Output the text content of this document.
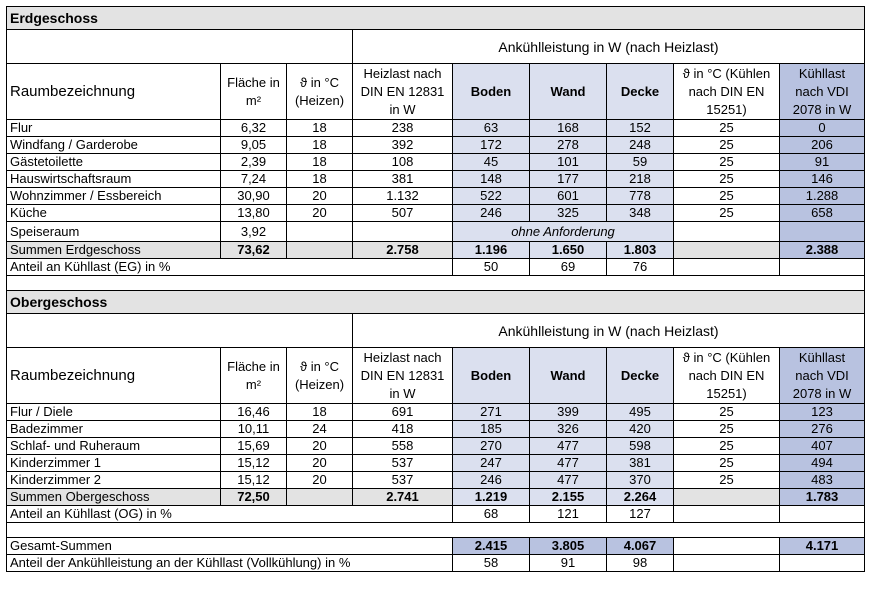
Erdgeschoss								
			Ankühlleistung in W (nach Heizlast)					
Raumbezeichnung	Fläche in m²	ϑ in °C (Heizen)	Heizlast nach DIN EN 12831 in W	Boden	Wand	Decke	ϑ in °C (Kühlen nach DIN EN 15251)	Kühllast nach VDI 2078 in W
Flur	6,32	18	238	63	168	152	25	0
Windfang / Garderobe	9,05	18	392	172	278	248	25	206
Gästetoilette	2,39	18	108	45	101	59	25	91
Hauswirtschaftsraum	7,24	18	381	148	177	218	25	146
Wohnzimmer / Essbereich	30,90	20	1.132	522	601	778	25	1.288
Küche	13,80	20	507	246	325	348	25	658
Speiseraum	3,92			ohne Anforderung				
Summen Erdgeschoss	73,62		2.758	1.196	1.650	1.803		2.388
Anteil an Kühllast (EG) in %				50	69	76		

Obergeschoss								
			Ankühlleistung in W (nach Heizlast)					
Raumbezeichnung	Fläche in m²	ϑ in °C (Heizen)	Heizlast nach DIN EN 12831 in W	Boden	Wand	Decke	ϑ in °C (Kühlen nach DIN EN 15251)	Kühllast nach VDI 2078 in W
Flur / Diele	16,46	18	691	271	399	495	25	123
Badezimmer	10,11	24	418	185	326	420	25	276
Schlaf- und Ruheraum	15,69	20	558	270	477	598	25	407
Kinderzimmer 1	15,12	20	537	247	477	381	25	494
Kinderzimmer 2	15,12	20	537	246	477	370	25	483
Summen Obergeschoss	72,50		2.741	1.219	2.155	2.264		1.783
Anteil an Kühllast (OG) in %				68	121	127		

Gesamt-Summen				2.415	3.805	4.067		4.171
Anteil der Ankühlleistung an der Kühllast (Vollkühlung) in %				58	91	98		
